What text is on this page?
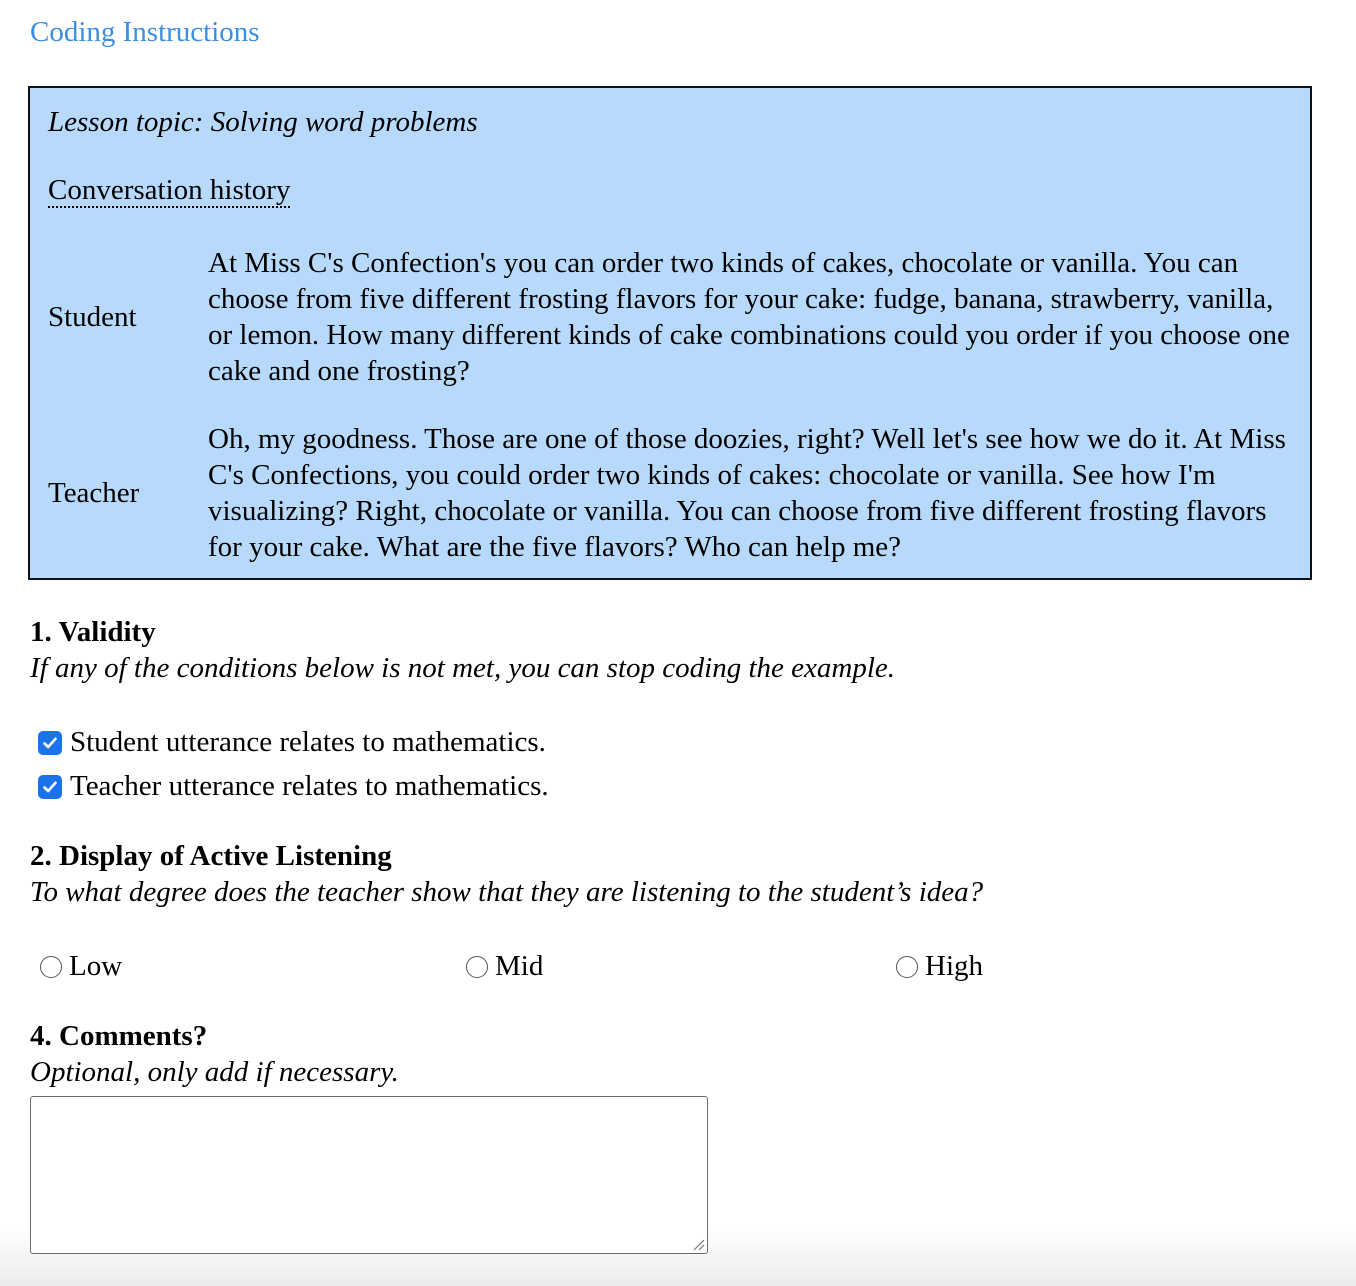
Coding Instructions
Lesson topic: Solving word problems
Conversation history
Student
At Miss C's Confection's you can order two kinds of cakes, chocolate or vanilla. You can choose from five different frosting flavors for your cake: fudge, banana, strawberry, vanilla, or lemon. How many different kinds of cake combinations could you order if you choose one cake and one frosting?
Teacher
Oh, my goodness. Those are one of those doozies, right? Well let's see how we do it. At Miss C's Confections, you could order two kinds of cakes: chocolate or vanilla. See how I'm visualizing? Right, chocolate or vanilla. You can choose from five different frosting flavors for your cake. What are the five flavors? Who can help me?
1. Validity
If any of the conditions below is not met, you can stop coding the example.
Student utterance relates to mathematics.
Teacher utterance relates to mathematics.
2. Display of Active Listening
To what degree does the teacher show that they are listening to the student’s idea?
Low	Mid	High
4. Comments?
Optional, only add if necessary.
